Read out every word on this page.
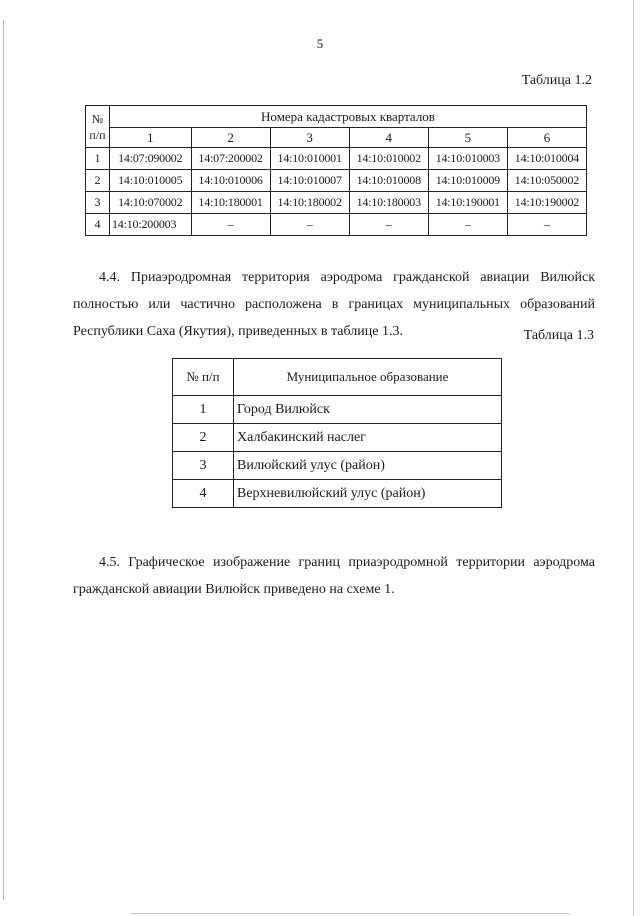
5
Таблица 1.2
№ п/п	Номера кадастровых кварталов					
	1	2	3	4	5	6
1	14:07:090002	14:07:200002	14:10:010001	14:10:010002	14:10:010003	14:10:010004
2	14:10:010005	14:10:010006	14:10:010007	14:10:010008	14:10:010009	14:10:050002
3	14:10:070002	14:10:180001	14:10:180002	14:10:180003	14:10:190001	14:10:190002
4	14:10:200003	–	–	–	–	–

4.4. Приаэродромная территория аэродрома гражданской авиации Вилюйск полностью или частично расположена в границах муниципальных образований Республики Саха (Якутия), приведенных в таблице 1.3.	Таблица 1.3
№ п/п	Муниципальное образование
1	Город Вилюйск
2	Халбакинский наслег
3	Вилюйский улус (район)
4	Верхневилюйский улус (район)

4.5. Графическое изображение границ приаэродромной территории аэродрома гражданской авиации Вилюйск приведено на схеме 1.
